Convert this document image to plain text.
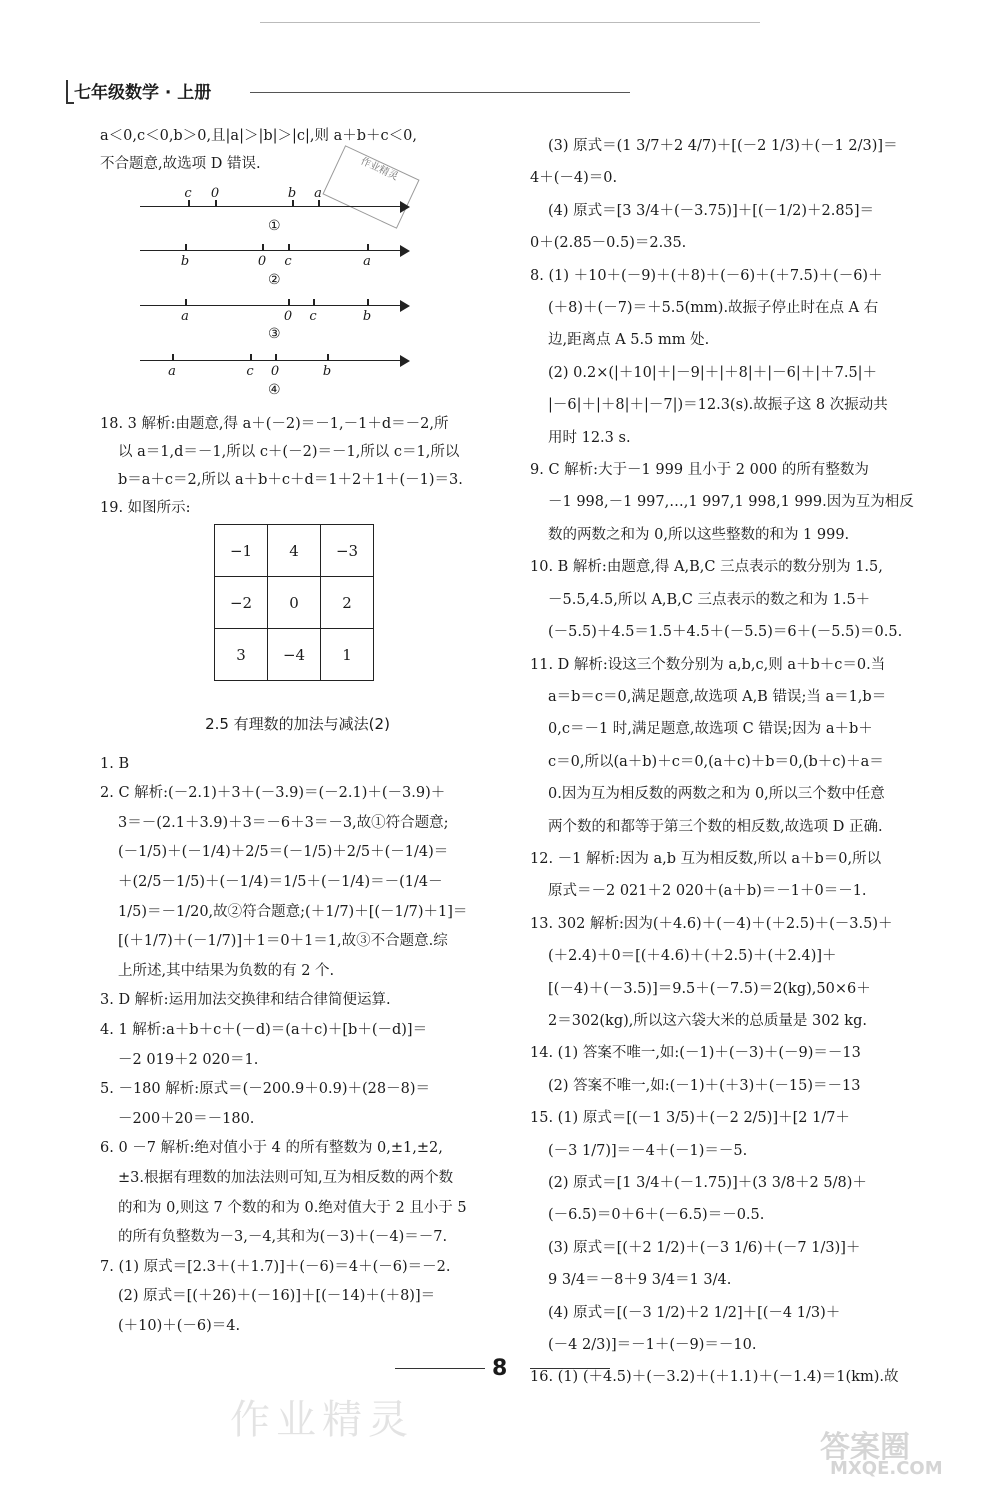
七年级数学 · 上册

a＜0,c＜0,b＞0,且|a|＞|b|＞|c|,则 a＋b＋c＜0,

不合题意,故选项 D 错误.	作业精灵
c 0	b a
①
b	0 c	a
②
a	0 c	b
③
a	c 0	b
④

18. 3 解析:由题意,得 a＋(－2)＝－1,－1＋d＝－2,所

以 a＝1,d＝－1,所以 c＋(－2)＝－1,所以 c＝1,所以

b＝a＋c＝2,所以 a＋b＋c＋d＝1＋2＋1＋(－1)＝3.

19. 如图所示:

−1	4	−3
−2	0	2
3	−4	1

2.5 有理数的加法与减法(2)

1. B

2. C 解析:(－2.1)＋3＋(－3.9)＝(－2.1)＋(－3.9)＋

3＝－(2.1＋3.9)＋3＝－6＋3＝－3,故①符合题意;

(－1/5)＋(－1/4)＋2/5＝(－1/5)＋2/5＋(－1/4)＝

＋(2/5－1/5)＋(－1/4)＝1/5＋(－1/4)＝－(1/4－

1/5)＝－1/20,故②符合题意;(＋1/7)＋[(－1/7)＋1]＝

[(＋1/7)＋(－1/7)]＋1＝0＋1＝1,故③不合题意.综

上所述,其中结果为负数的有 2 个.

3. D 解析:运用加法交换律和结合律简便运算.

4. 1 解析:a＋b＋c＋(－d)＝(a＋c)＋[b＋(－d)]＝

－2 019＋2 020＝1.

5. －180 解析:原式＝(－200.9＋0.9)＋(28－8)＝

－200＋20＝－180.

6. 0 －7 解析:绝对值小于 4 的所有整数为 0,±1,±2,

±3.根据有理数的加法法则可知,互为相反数的两个数

的和为 0,则这 7 个数的和为 0.绝对值大于 2 且小于 5

的所有负整数为－3,－4,其和为(－3)＋(－4)＝－7.

7. (1) 原式＝[2.3＋(＋1.7)]＋(－6)＝4＋(－6)＝－2.

(2) 原式＝[(＋26)＋(－16)]＋[(－14)＋(＋8)]＝

(＋10)＋(－6)＝4.

(3) 原式＝(1 3/7＋2 4/7)＋[(－2 1/3)＋(－1 2/3)]＝

4＋(－4)＝0.

(4) 原式＝[3 3/4＋(－3.75)]＋[(－1/2)＋2.85]＝

0＋(2.85－0.5)＝2.35.

8. (1) ＋10＋(－9)＋(＋8)＋(－6)＋(＋7.5)＋(－6)＋

(＋8)＋(－7)＝＋5.5(mm).故振子停止时在点 A 右

边,距离点 A 5.5 mm 处.

(2) 0.2×(|＋10|＋|－9|＋|＋8|＋|－6|＋|＋7.5|＋

|－6|＋|＋8|＋|－7|)＝12.3(s).故振子这 8 次振动共

用时 12.3 s.

9. C 解析:大于－1 999 且小于 2 000 的所有整数为

－1 998,－1 997,…,1 997,1 998,1 999.因为互为相反

数的两数之和为 0,所以这些整数的和为 1 999.

10. B 解析:由题意,得 A,B,C 三点表示的数分别为 1.5,

－5.5,4.5,所以 A,B,C 三点表示的数之和为 1.5＋

(－5.5)＋4.5＝1.5＋4.5＋(－5.5)＝6＋(－5.5)＝0.5.

11. D 解析:设这三个数分别为 a,b,c,则 a＋b＋c＝0.当

a＝b＝c＝0,满足题意,故选项 A,B 错误;当 a＝1,b＝

0,c＝－1 时,满足题意,故选项 C 错误;因为 a＋b＋

c＝0,所以(a＋b)＋c＝0,(a＋c)＋b＝0,(b＋c)＋a＝

0.因为互为相反数的两数之和为 0,所以三个数中任意

两个数的和都等于第三个数的相反数,故选项 D 正确.

12. －1 解析:因为 a,b 互为相反数,所以 a＋b＝0,所以

原式＝－2 021＋2 020＋(a＋b)＝－1＋0＝－1.

13. 302 解析:因为(＋4.6)＋(－4)＋(＋2.5)＋(－3.5)＋

(＋2.4)＋0＝[(＋4.6)＋(＋2.5)＋(＋2.4)]＋

[(－4)＋(－3.5)]＝9.5＋(－7.5)＝2(kg),50×6＋

2＝302(kg),所以这六袋大米的总质量是 302 kg.

14. (1) 答案不唯一,如:(－1)＋(－3)＋(－9)＝－13

(2) 答案不唯一,如:(－1)＋(＋3)＋(－15)＝－13

15. (1) 原式＝[(－1 3/5)＋(－2 2/5)]＋[2 1/7＋

(－3 1/7)]＝－4＋(－1)＝－5.

(2) 原式＝[1 3/4＋(－1.75)]＋(3 3/8＋2 5/8)＋

(－6.5)＝0＋6＋(－6.5)＝－0.5.

(3) 原式＝[(＋2 1/2)＋(－3 1/6)＋(－7 1/3)]＋

9 3/4＝－8＋9 3/4＝1 3/4.

(4) 原式＝[(－3 1/2)＋2 1/2]＋[(－4 1/3)＋

(－4 2/3)]＝－1＋(－9)＝－10.

16. (1) (＋4.5)＋(－3.2)＋(＋1.1)＋(－1.4)＝1(km).故

8
作业精灵
答案圈
MXQE.COM
